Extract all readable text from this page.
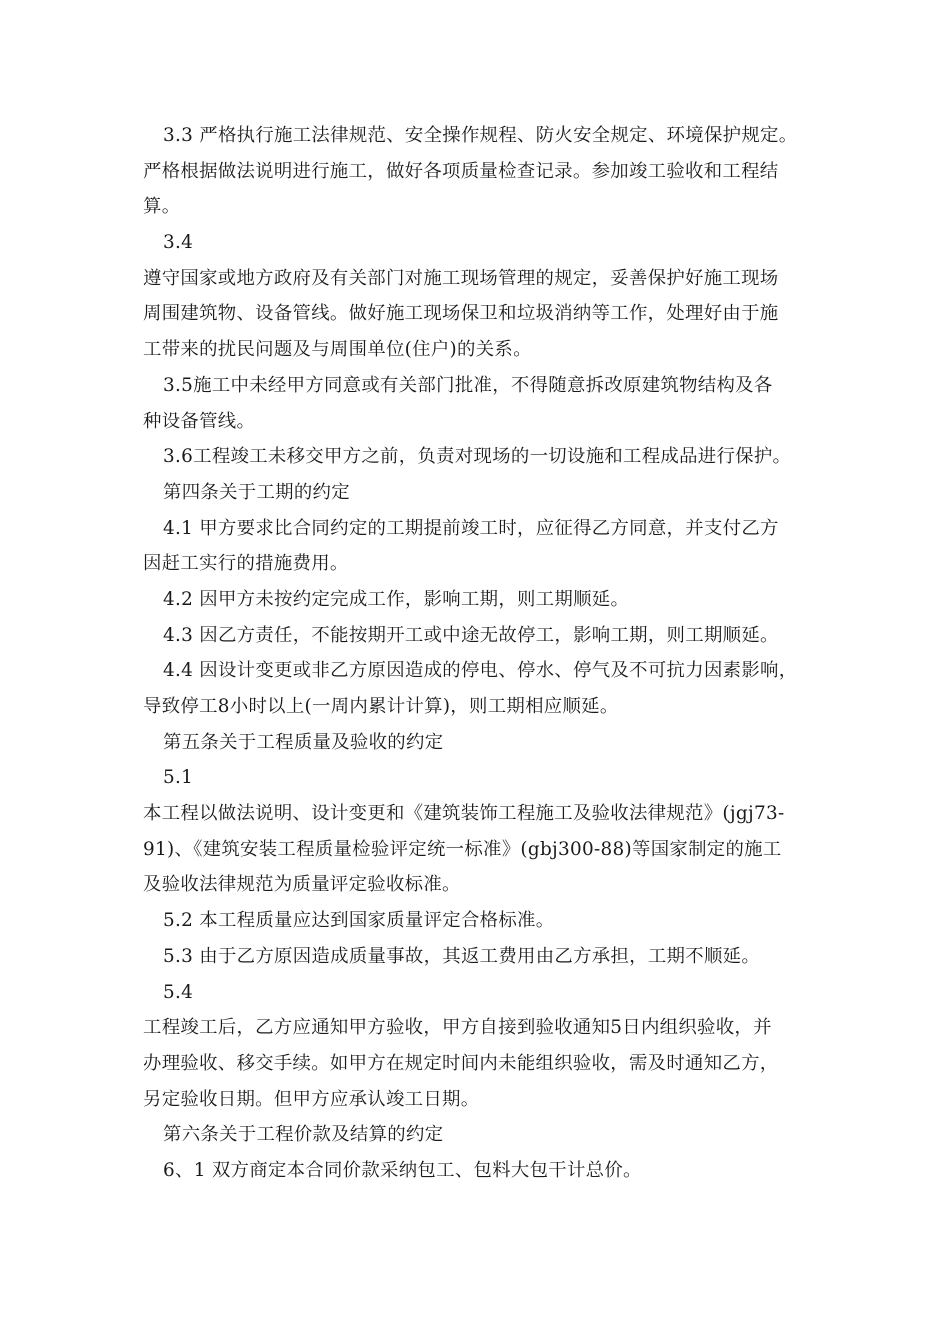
3.3 严格执行施工法律规范、安全操作规程、防火安全规定、环境保护规定。
严格根据做法说明进行施工，做好各项质量检查记录。参加竣工验收和工程结
算。
3.4
遵守国家或地方政府及有关部门对施工现场管理的规定，妥善保护好施工现场
周围建筑物、设备管线。做好施工现场保卫和垃圾消纳等工作，处理好由于施
工带来的扰民问题及与周围单位(住户)的关系。
3.5施工中未经甲方同意或有关部门批准，不得随意拆改原建筑物结构及各
种设备管线。
3.6工程竣工未移交甲方之前，负责对现场的一切设施和工程成品进行保护。
第四条关于工期的约定
4.1 甲方要求比合同约定的工期提前竣工时，应征得乙方同意，并支付乙方
因赶工实行的措施费用。
4.2 因甲方未按约定完成工作，影响工期，则工期顺延。
4.3 因乙方责任，不能按期开工或中途无故停工，影响工期，则工期顺延。
4.4 因设计变更或非乙方原因造成的停电、停水、停气及不可抗力因素影响，
导致停工8小时以上(一周内累计计算)，则工期相应顺延。
第五条关于工程质量及验收的约定
5.1
本工程以做法说明、设计变更和《建筑装饰工程施工及验收法律规范》(jgj73-
91)、《建筑安装工程质量检验评定统一标准》(gbj300-88)等国家制定的施工
及验收法律规范为质量评定验收标准。
5.2 本工程质量应达到国家质量评定合格标准。
5.3 由于乙方原因造成质量事故，其返工费用由乙方承担，工期不顺延。
5.4
工程竣工后，乙方应通知甲方验收，甲方自接到验收通知5日内组织验收，并
办理验收、移交手续。如甲方在规定时间内未能组织验收，需及时通知乙方，
另定验收日期。但甲方应承认竣工日期。
第六条关于工程价款及结算的约定
6、1 双方商定本合同价款采纳包工、包料大包干计总价。
